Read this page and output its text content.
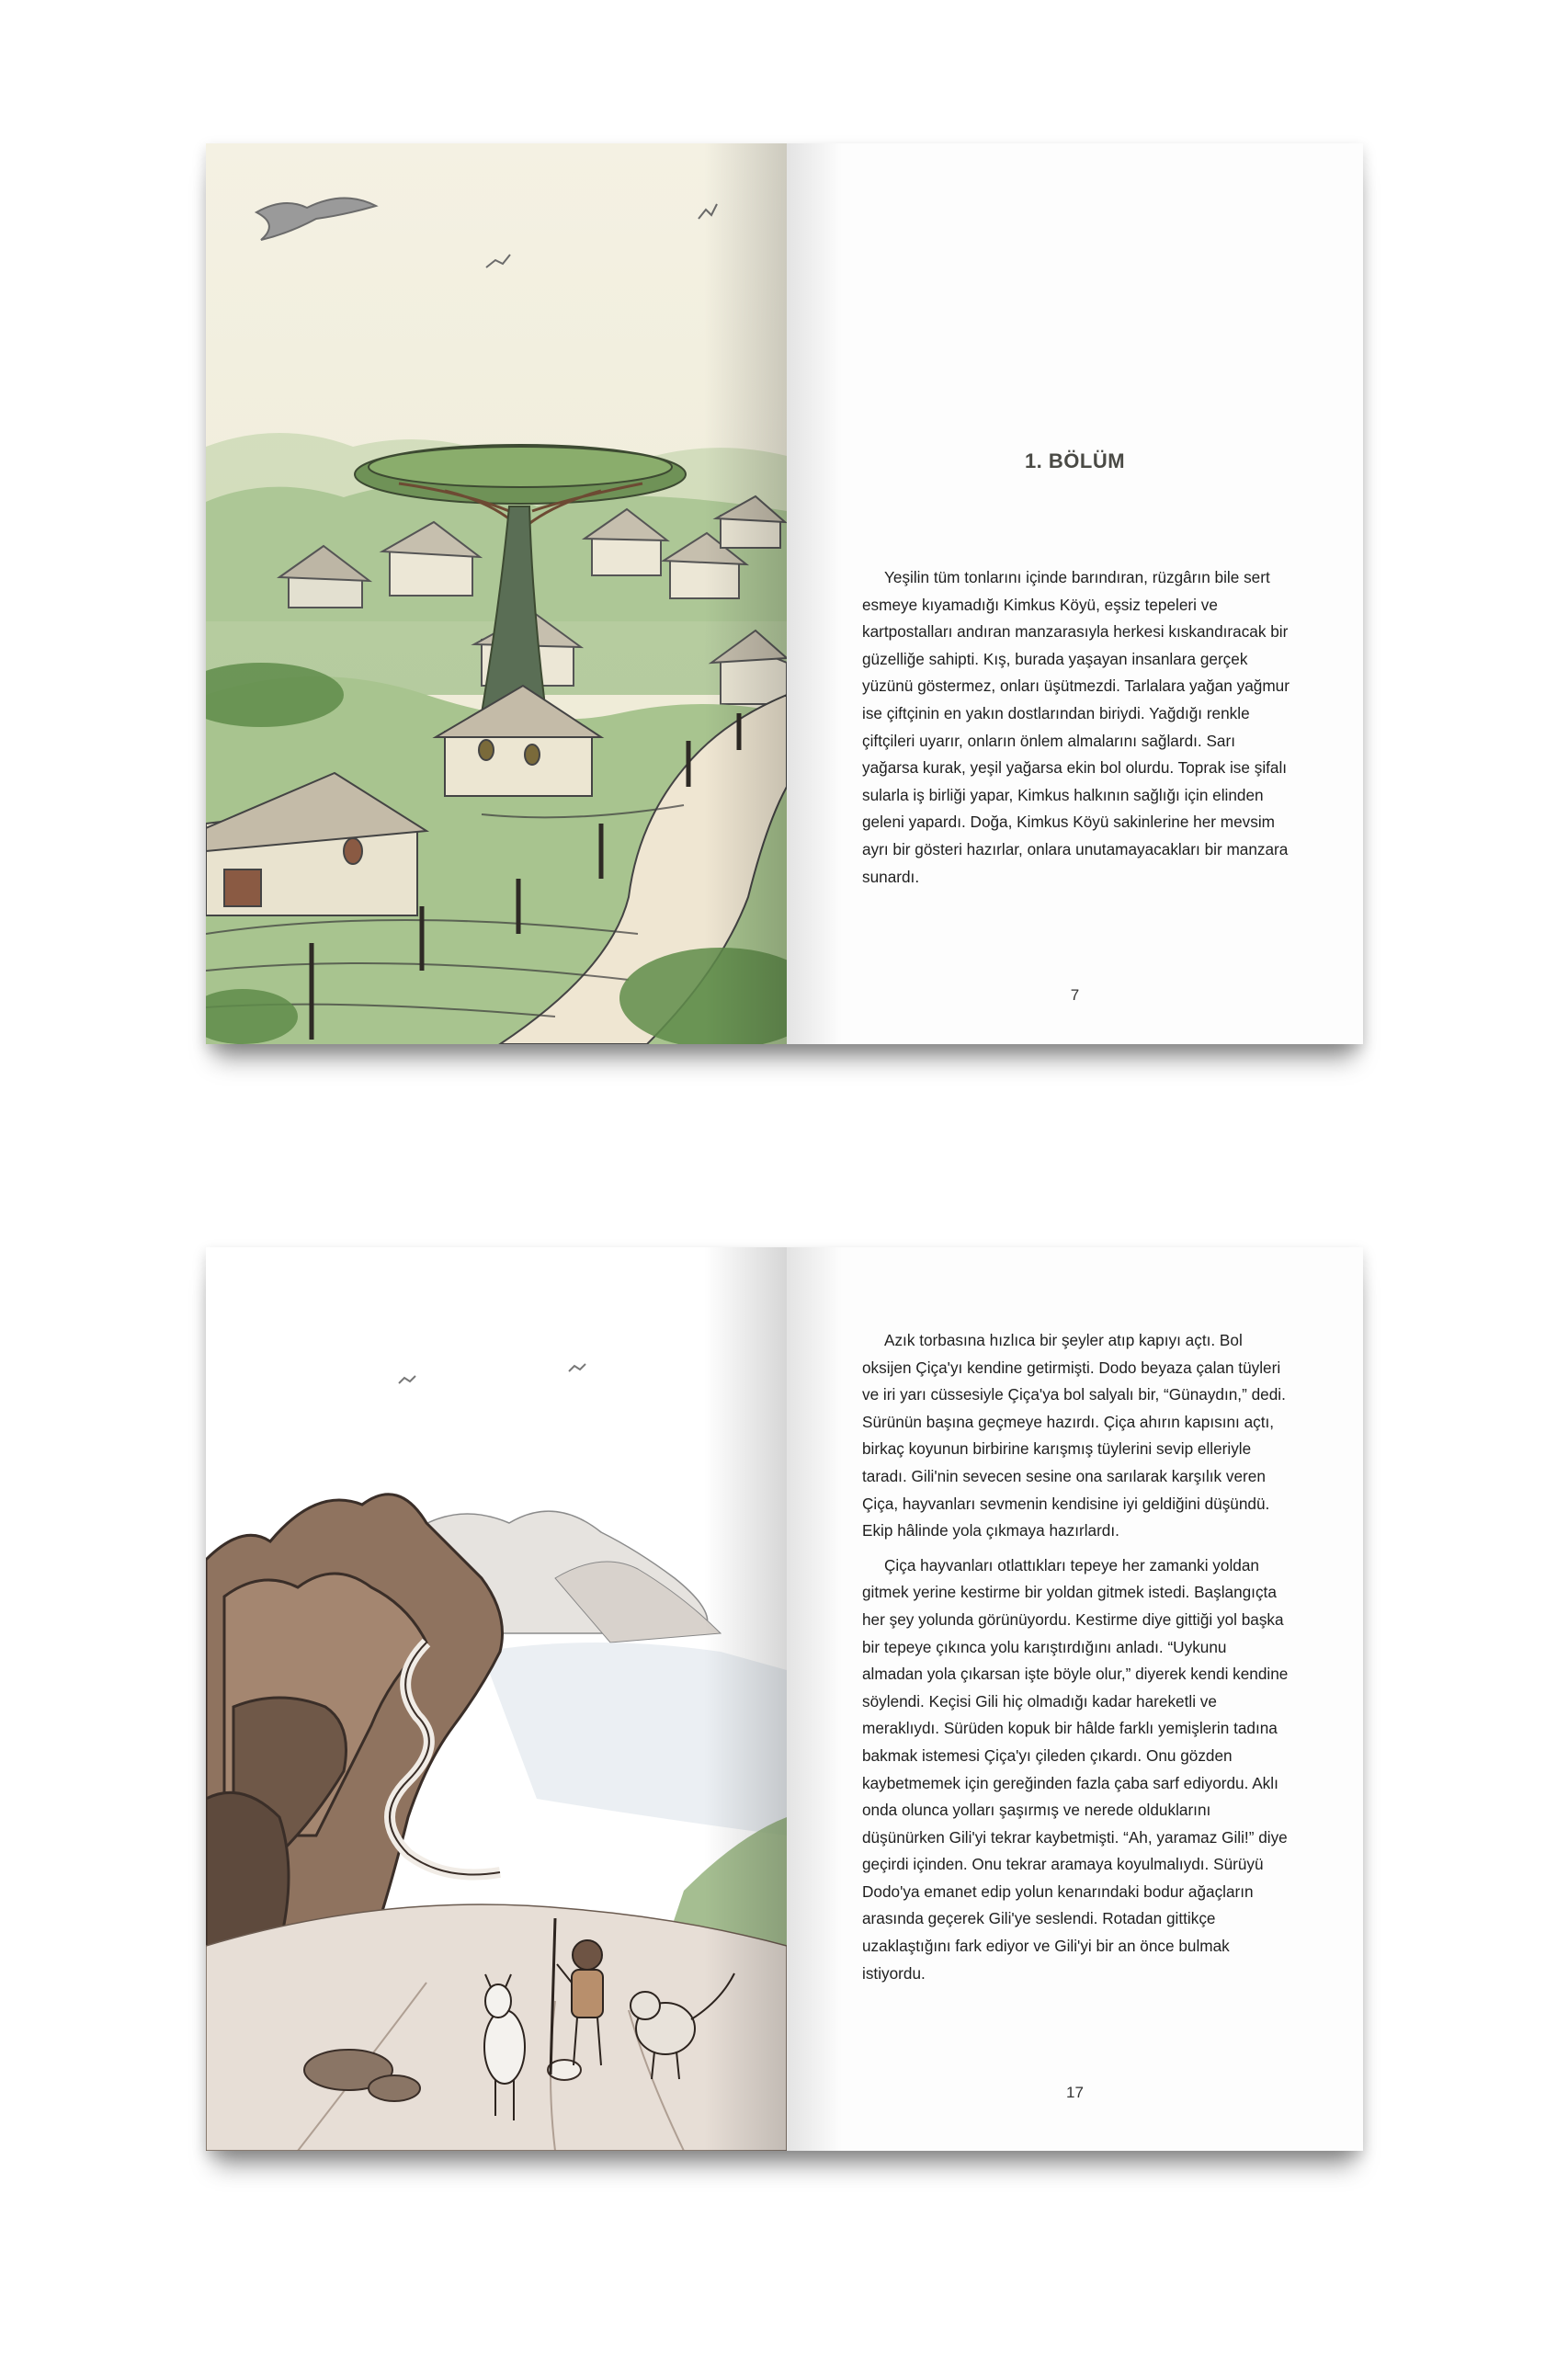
1. BÖLÜM

Yeşilin tüm tonlarını içinde barındıran, rüzgârın bile sert esmeye kıyamadığı Kimkus Köyü, eşsiz tepeleri ve kartpostalları andıran manzarasıyla herkesi kıskandıracak bir güzelliğe sahipti. Kış, burada yaşayan insanlara gerçek yüzünü göstermez, onları üşütmezdi. Tarlalara yağan yağmur ise çiftçinin en yakın dostlarından biriydi. Yağdığı renkle çiftçileri uyarır, onların önlem almalarını sağlardı. Sarı yağarsa kurak, yeşil yağarsa ekin bol olurdu. Toprak ise şifalı sularla iş birliği yapar, Kimkus halkının sağlığı için elinden geleni yapardı. Doğa, Kimkus Köyü sakinlerine her mevsim ayrı bir gösteri hazırlar, onlara unutamayacakları bir manzara sunardı.

7

Azık torbasına hızlıca bir şeyler atıp kapıyı açtı. Bol oksijen Çiça'yı kendine getirmişti. Dodo beyaza çalan tüyleri ve iri yarı cüssesiyle Çiça'ya bol salyalı bir, “Günaydın,” dedi. Sürünün başına geçmeye hazırdı. Çiça ahırın kapısını açtı, birkaç koyunun birbirine karışmış tüylerini sevip elleriyle taradı. Gili'nin sevecen sesine ona sarılarak karşılık veren Çiça, hayvanları sevmenin kendisine iyi geldiğini düşündü. Ekip hâlinde yola çıkmaya hazırlardı.

Çiça hayvanları otlattıkları tepeye her zamanki yoldan gitmek yerine kestirme bir yoldan gitmek istedi. Başlangıçta her şey yolunda görünüyordu. Kestirme diye gittiği yol başka bir tepeye çıkınca yolu karıştırdığını anladı. “Uykunu almadan yola çıkarsan işte böyle olur,” diyerek kendi kendine söylendi. Keçisi Gili hiç olmadığı kadar hareketli ve meraklıydı. Sürüden kopuk bir hâlde farklı yemişlerin tadına bakmak istemesi Çiça'yı çileden çıkardı. Onu gözden kaybetmemek için gereğinden fazla çaba sarf ediyordu. Aklı onda olunca yolları şaşırmış ve nerede olduklarını düşünürken Gili'yi tekrar kaybetmişti. “Ah, yaramaz Gili!” diye geçirdi içinden. Onu tekrar aramaya koyulmalıydı. Sürüyü Dodo'ya emanet edip yolun kenarındaki bodur ağaçların arasında geçerek Gili'ye seslendi. Rotadan gittikçe uzaklaştığını fark ediyor ve Gili'yi bir an önce bulmak istiyordu.

17
